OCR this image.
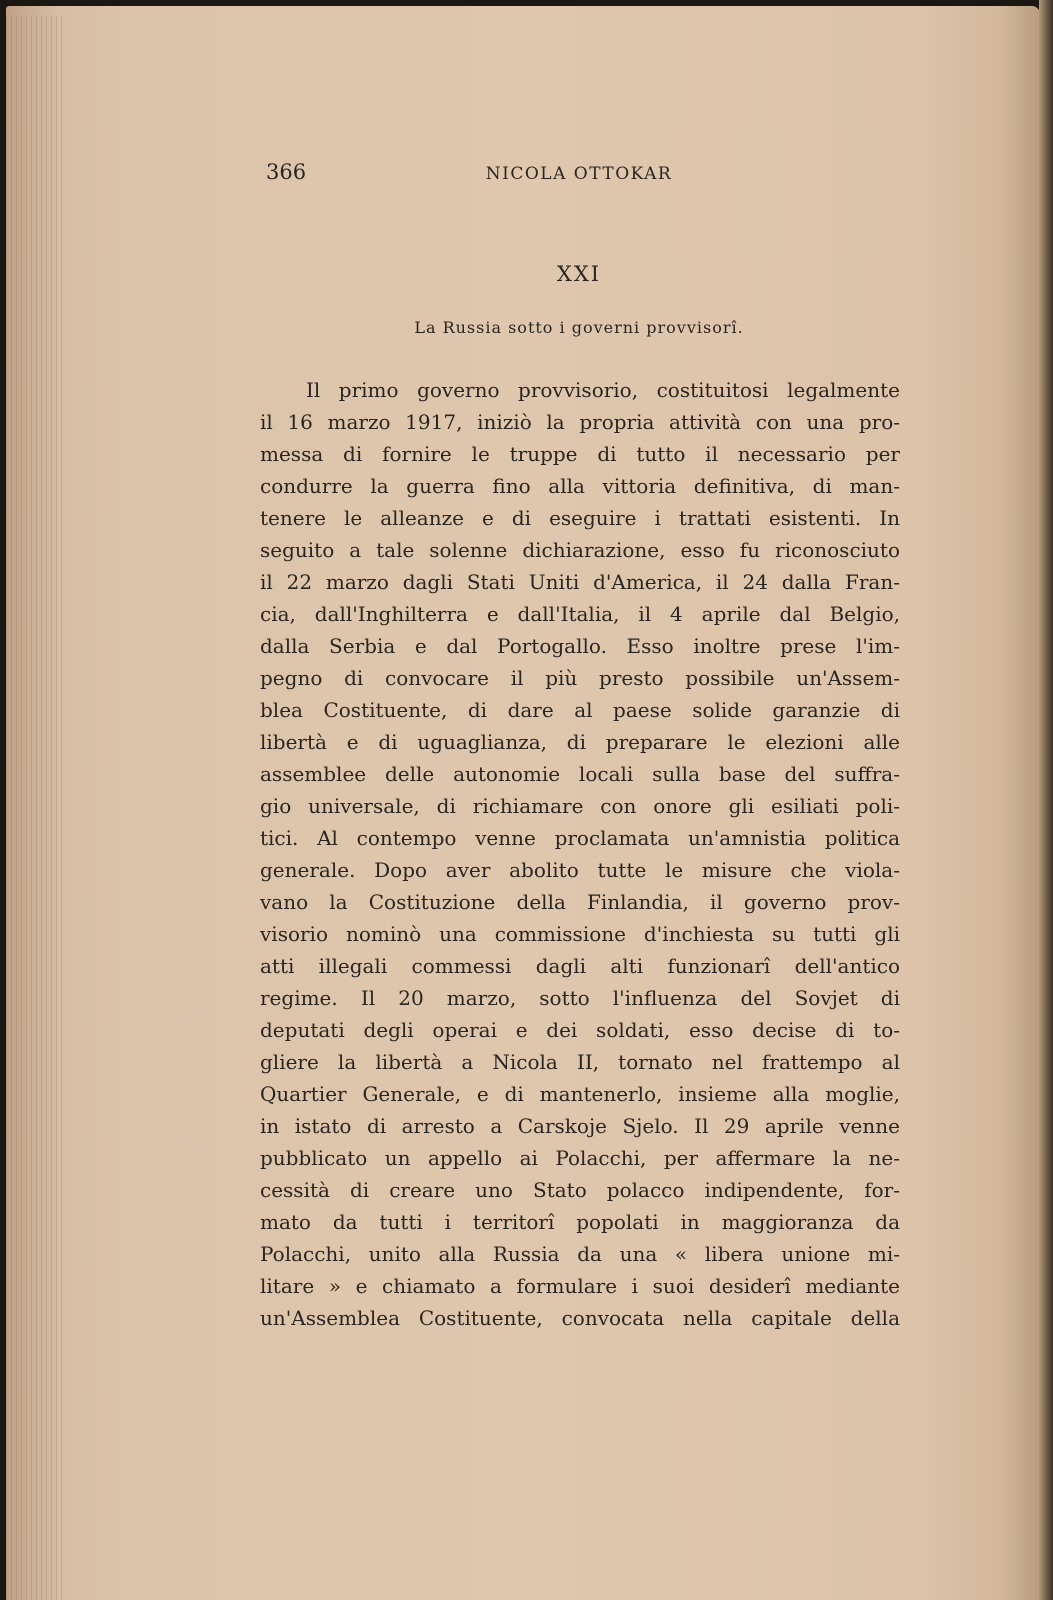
366	NICOLA OTTOKAR
XXI
La Russia sotto i governi provvisorî.
Il primo governo provvisorio, costituitosi legalmente
il 16 marzo 1917, iniziò la propria attività con una pro-
messa di fornire le truppe di tutto il necessario per
condurre la guerra fino alla vittoria definitiva, di man-
tenere le alleanze e di eseguire i trattati esistenti. In
seguito a tale solenne dichiarazione, esso fu riconosciuto
il 22 marzo dagli Stati Uniti d'America, il 24 dalla Fran-
cia, dall'Inghilterra e dall'Italia, il 4 aprile dal Belgio,
dalla Serbia e dal Portogallo. Esso inoltre prese l'im-
pegno di convocare il più presto possibile un'Assem-
blea Costituente, di dare al paese solide garanzie di
libertà e di uguaglianza, di preparare le elezioni alle
assemblee delle autonomie locali sulla base del suffra-
gio universale, di richiamare con onore gli esiliati poli-
tici. Al contempo venne proclamata un'amnistia politica
generale. Dopo aver abolito tutte le misure che viola-
vano la Costituzione della Finlandia, il governo prov-
visorio nominò una commissione d'inchiesta su tutti gli
atti illegali commessi dagli alti funzionarî dell'antico
regime. Il 20 marzo, sotto l'influenza del Sovjet di
deputati degli operai e dei soldati, esso decise di to-
gliere la libertà a Nicola II, tornato nel frattempo al
Quartier Generale, e di mantenerlo, insieme alla moglie,
in istato di arresto a Carskoje Sjelo. Il 29 aprile venne
pubblicato un appello ai Polacchi, per affermare la ne-
cessità di creare uno Stato polacco indipendente, for-
mato da tutti i territorî popolati in maggioranza da
Polacchi, unito alla Russia da una « libera unione mi-
litare » e chiamato a formulare i suoi desiderî mediante
un'Assemblea Costituente, convocata nella capitale della
